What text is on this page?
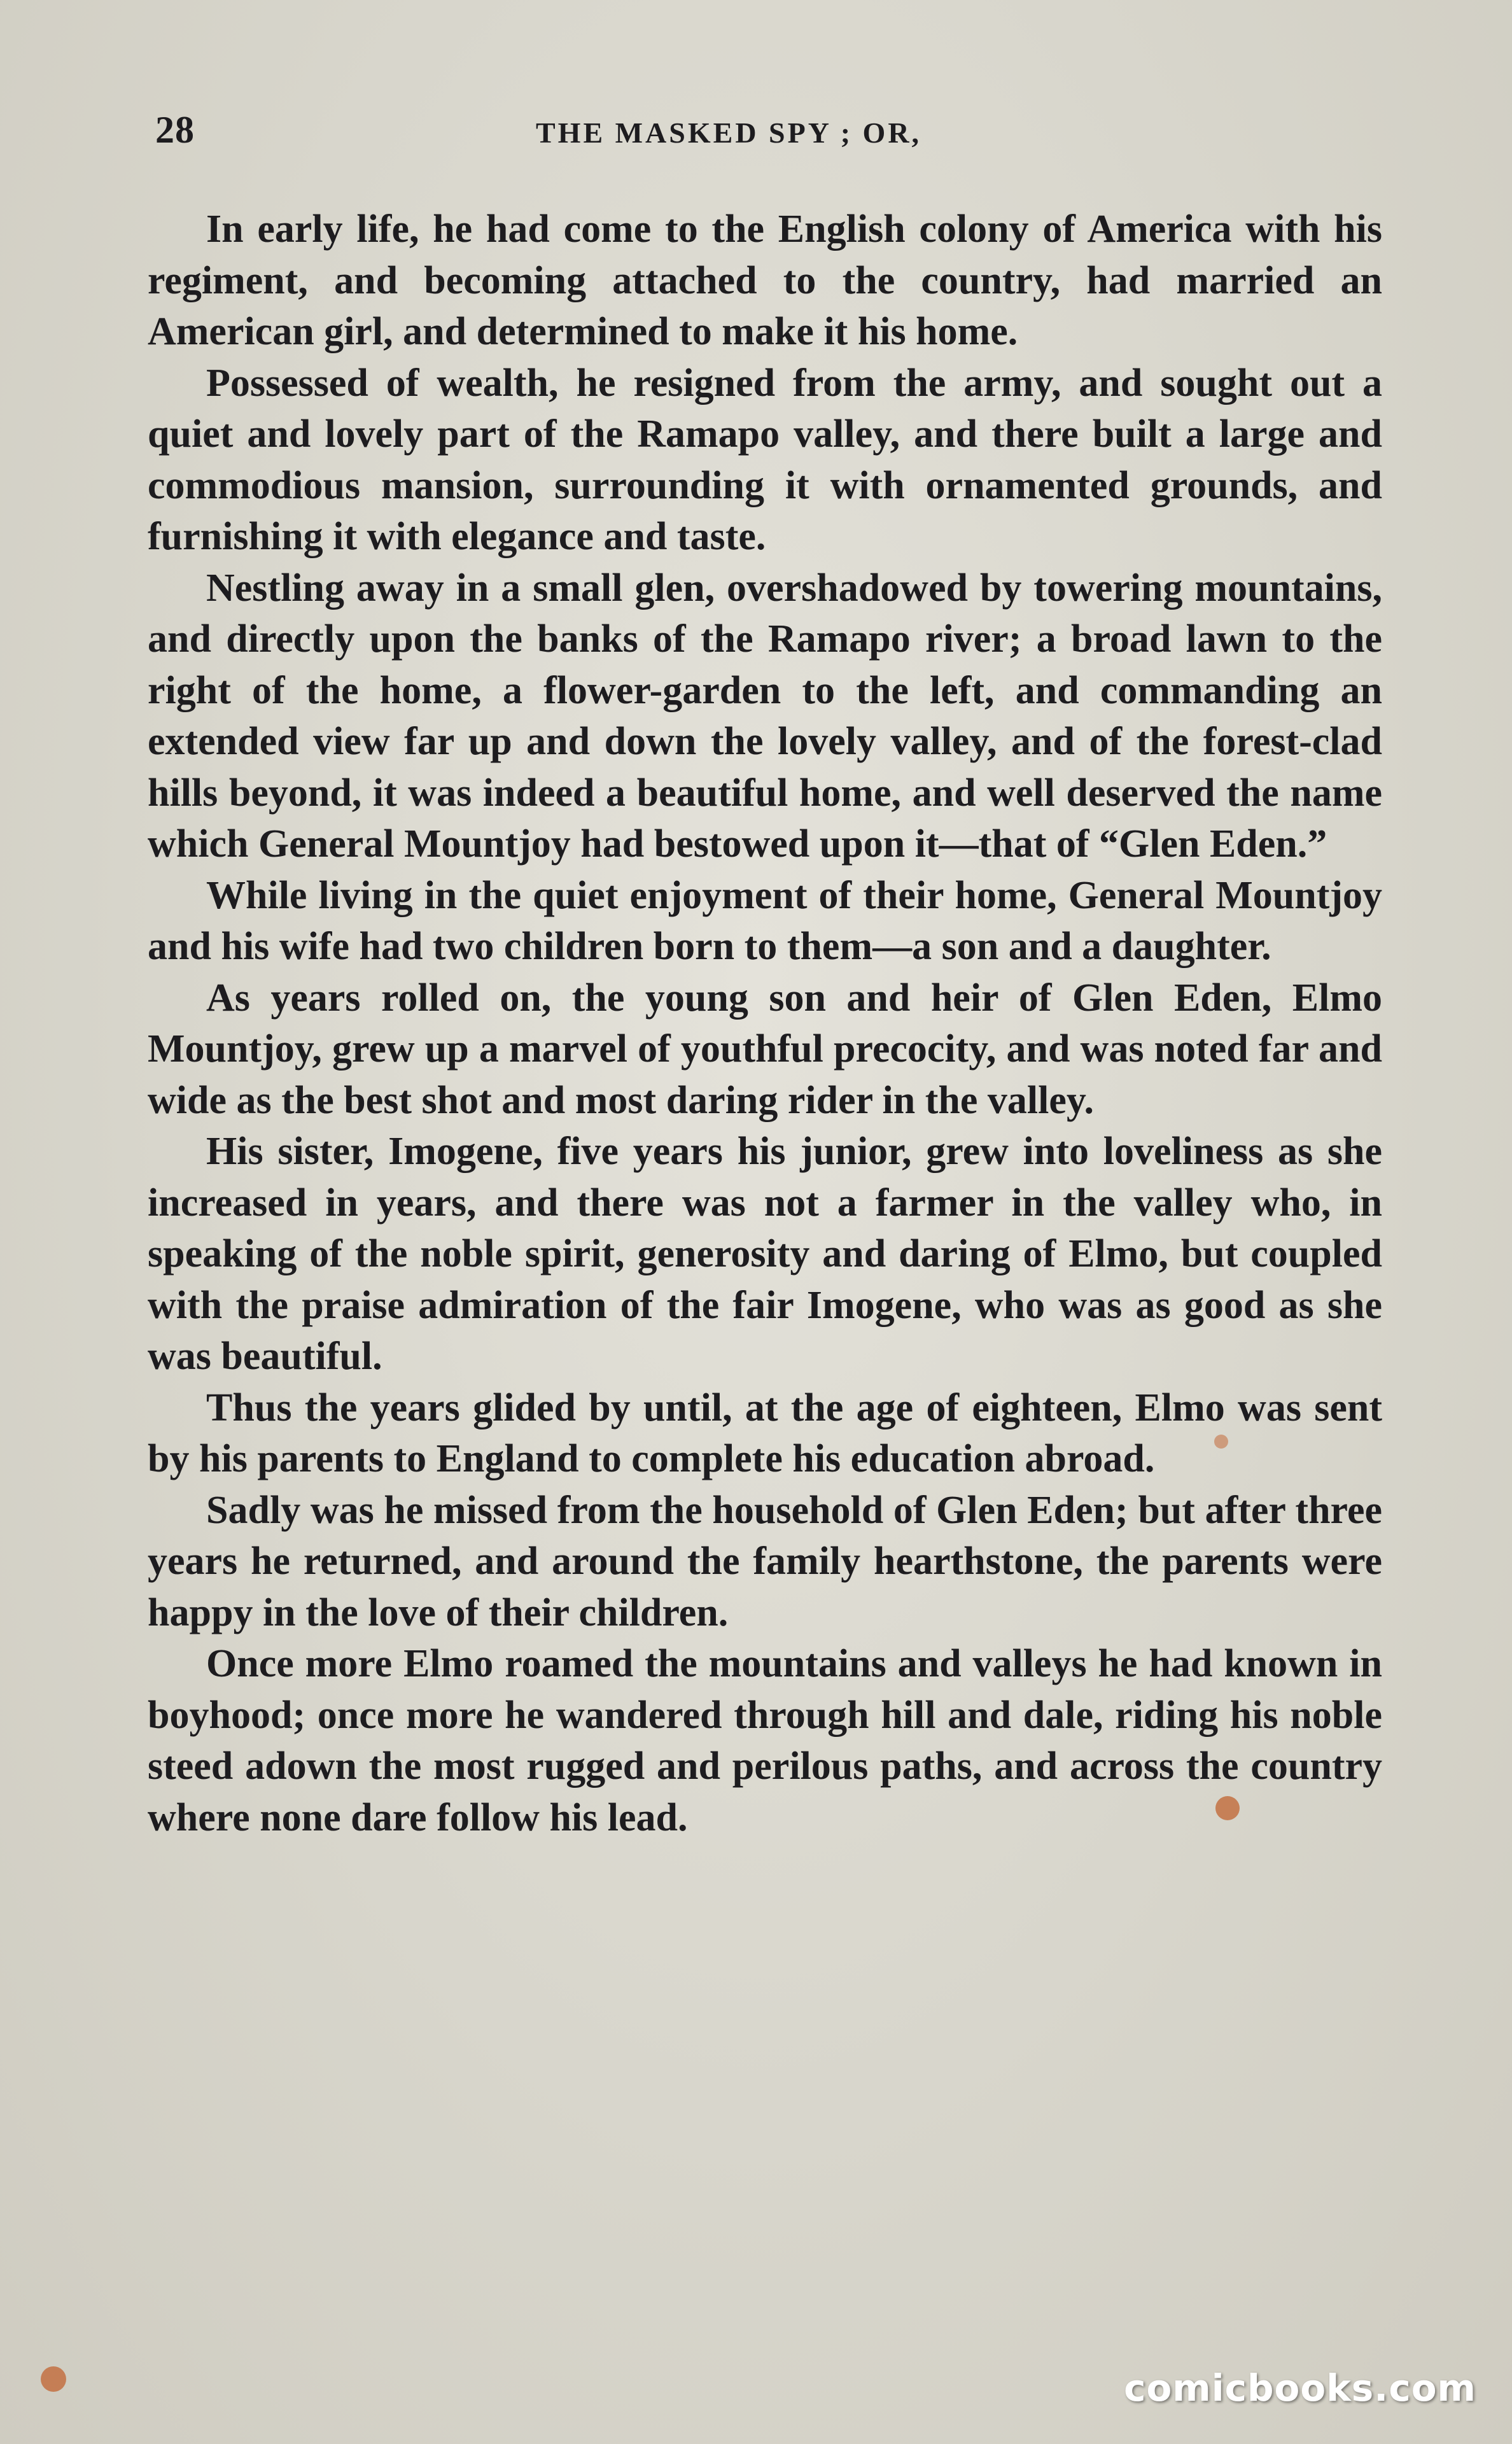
28	THE MASKED SPY ; OR,

In early life, he had come to the English colony of America with his regiment, and becoming attached to the country, had married an American girl, and determined to make it his home.

Possessed of wealth, he resigned from the army, and sought out a quiet and lovely part of the Ramapo valley, and there built a large and commodious mansion, surrounding it with ornamented grounds, and furnishing it with elegance and taste.

Nestling away in a small glen, overshadowed by towering mountains, and directly upon the banks of the Ramapo river; a broad lawn to the right of the home, a flower-garden to the left, and commanding an extended view far up and down the lovely valley, and of the forest-clad hills beyond, it was indeed a beautiful home, and well deserved the name which General Mountjoy had bestowed upon it—that of “Glen Eden.”

While living in the quiet enjoyment of their home, General Mountjoy and his wife had two children born to them—a son and a daughter.

As years rolled on, the young son and heir of Glen Eden, Elmo Mountjoy, grew up a marvel of youthful precocity, and was noted far and wide as the best shot and most daring rider in the valley.

His sister, Imogene, five years his junior, grew into loveliness as she increased in years, and there was not a farmer in the valley who, in speaking of the noble spirit, generosity and daring of Elmo, but coupled with the praise admiration of the fair Imogene, who was as good as she was beautiful.

Thus the years glided by until, at the age of eighteen, Elmo was sent by his parents to England to complete his education abroad.

Sadly was he missed from the household of Glen Eden; but after three years he returned, and around the family hearthstone, the parents were happy in the love of their children.

Once more Elmo roamed the mountains and valleys he had known in boyhood; once more he wandered through hill and dale, riding his noble steed adown the most rugged and perilous paths, and across the country where none dare follow his lead.

comicbooks.com
